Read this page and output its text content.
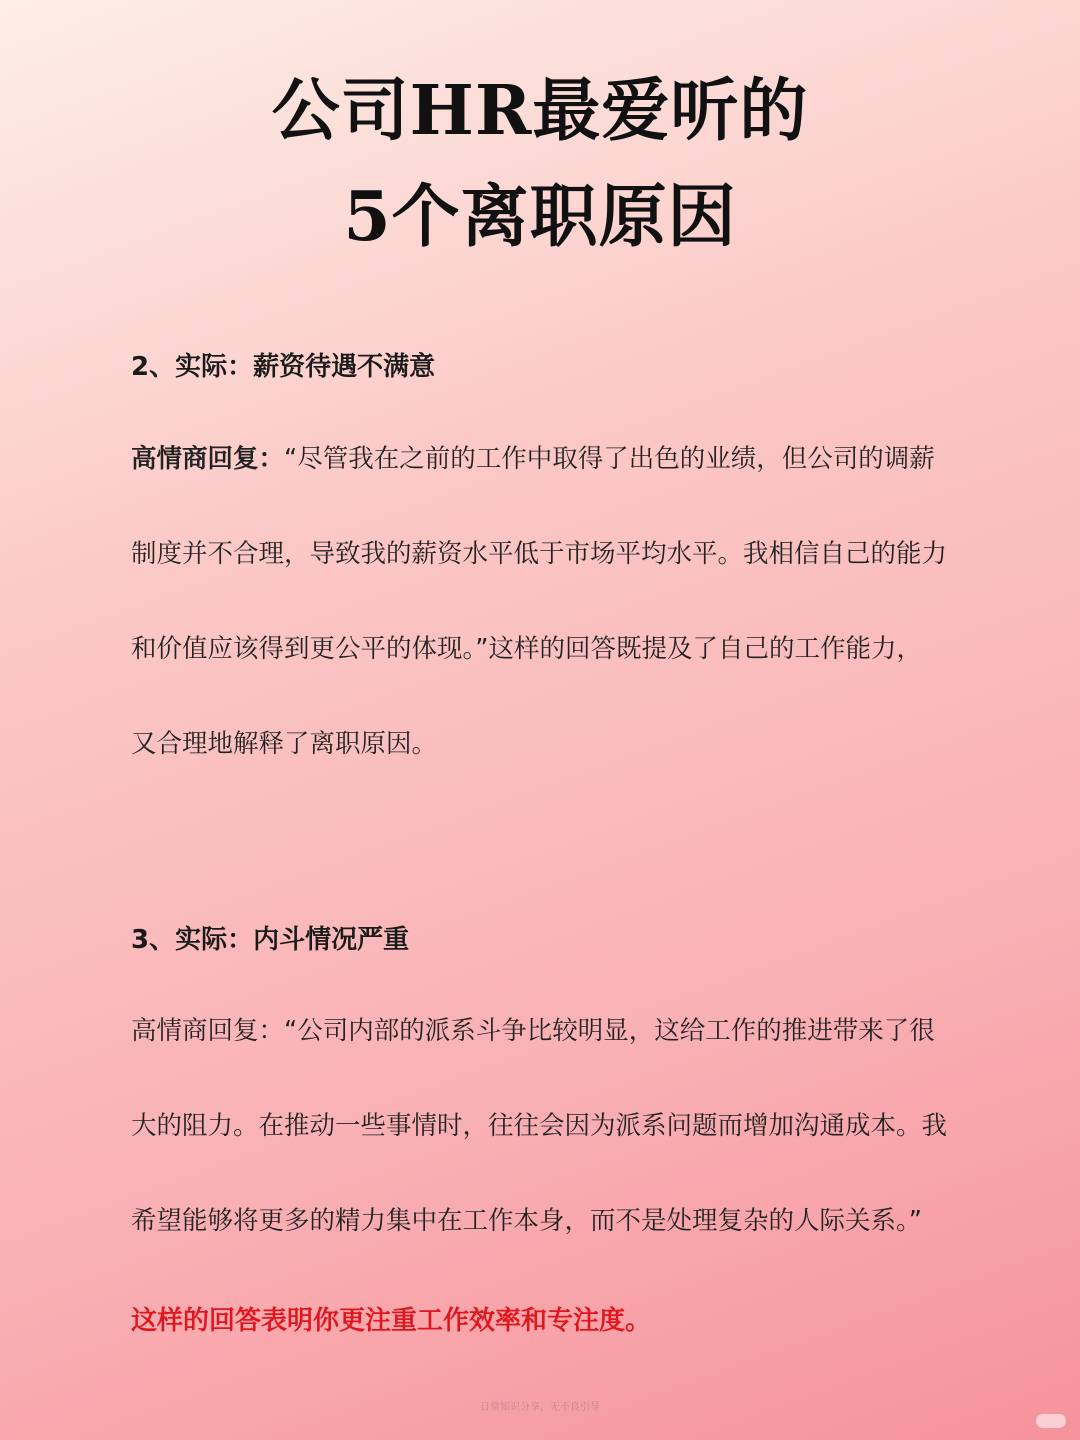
公司HR最爱听的
5个离职原因
2、实际：薪资待遇不满意
高情商回复：“尽管我在之前的工作中取得了出色的业绩，但公司的调薪
制度并不合理，导致我的薪资水平低于市场平均水平。我相信自己的能力
和价值应该得到更公平的体现。”这样的回答既提及了自己的工作能力，
又合理地解释了离职原因。
3、实际：内斗情况严重
高情商回复：“公司内部的派系斗争比较明显，这给工作的推进带来了很
大的阻力。在推动一些事情时，往往会因为派系问题而增加沟通成本。我
希望能够将更多的精力集中在工作本身，而不是处理复杂的人际关系。”
这样的回答表明你更注重工作效率和专注度。
日常知识分享，无不良引导
